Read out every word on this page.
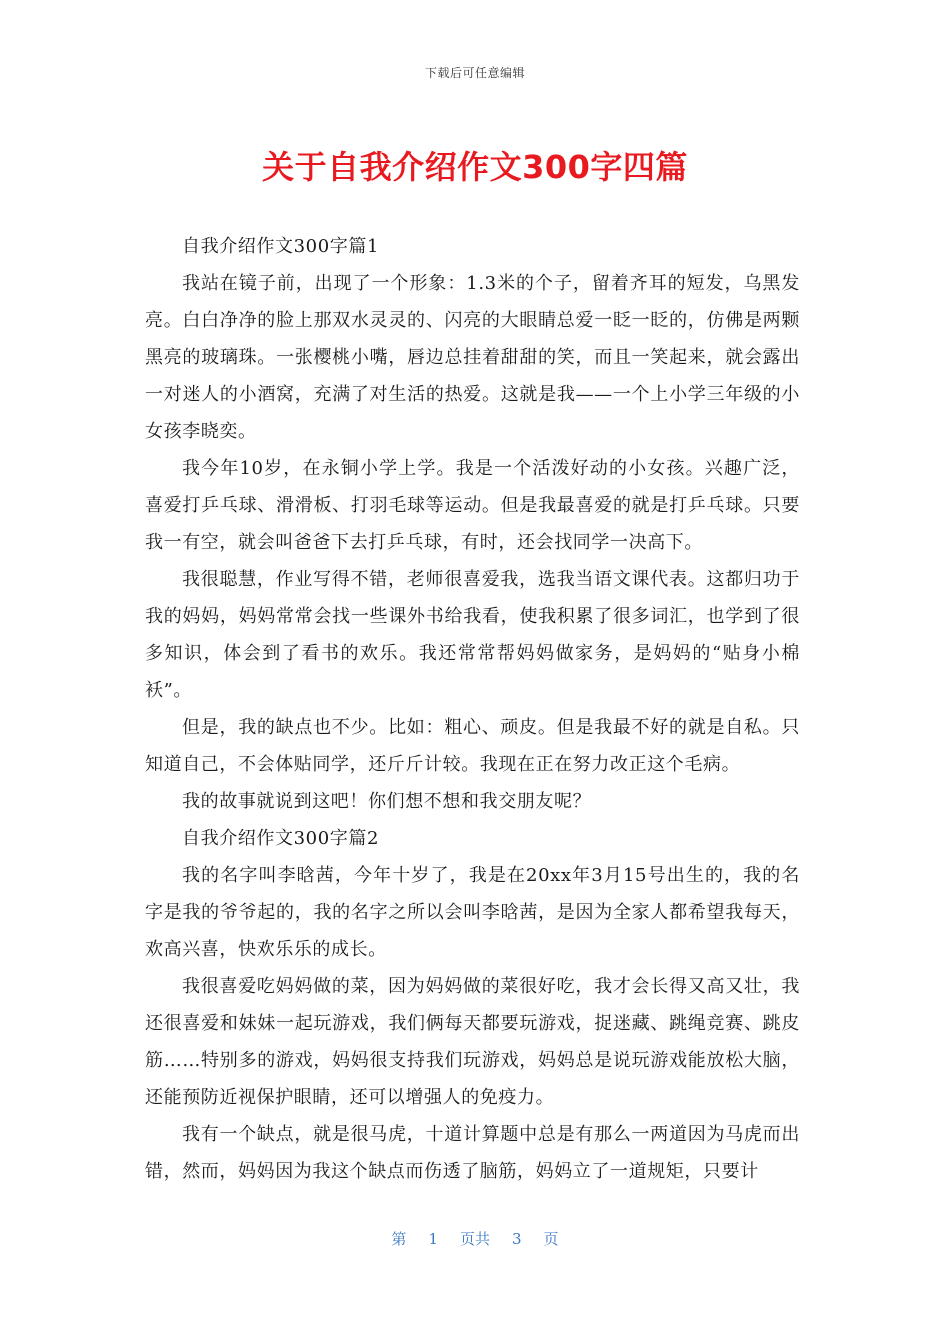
下载后可任意编辑
关于自我介绍作文300字四篇

自我介绍作文300字篇1

我站在镜子前，出现了一个形象：1.3米的个子，留着齐耳的短发，乌黑发亮。白白净净的脸上那双水灵灵的、闪亮的大眼睛总爱一眨一眨的，仿佛是两颗黑亮的玻璃珠。一张樱桃小嘴，唇边总挂着甜甜的笑，而且一笑起来，就会露出一对迷人的小酒窝，充满了对生活的热爱。这就是我——一个上小学三年级的小女孩李晓奕。

我今年10岁，在永铜小学上学。我是一个活泼好动的小女孩。兴趣广泛，喜爱打乒乓球、滑滑板、打羽毛球等运动。但是我最喜爱的就是打乒乓球。只要我一有空，就会叫爸爸下去打乒乓球，有时，还会找同学一决高下。

我很聪慧，作业写得不错，老师很喜爱我，选我当语文课代表。这都归功于我的妈妈，妈妈常常会找一些课外书给我看，使我积累了很多词汇，也学到了很多知识，体会到了看书的欢乐。我还常常帮妈妈做家务，是妈妈的“贴身小棉袄”。

但是，我的缺点也不少。比如：粗心、顽皮。但是我最不好的就是自私。只知道自己，不会体贴同学，还斤斤计较。我现在正在努力改正这个毛病。

我的故事就说到这吧！你们想不想和我交朋友呢？

自我介绍作文300字篇2

我的名字叫李晗茜，今年十岁了，我是在20xx年3月15号出生的，我的名字是我的爷爷起的，我的名字之所以会叫李晗茜，是因为全家人都希望我每天，欢高兴喜，快欢乐乐的成长。

我很喜爱吃妈妈做的菜，因为妈妈做的菜很好吃，我才会长得又高又壮，我还很喜爱和妹妹一起玩游戏，我们俩每天都要玩游戏，捉迷藏、跳绳竞赛、跳皮筋……特别多的游戏，妈妈很支持我们玩游戏，妈妈总是说玩游戏能放松大脑，还能预防近视保护眼睛，还可以增强人的免疫力。

我有一个缺点，就是很马虎，十道计算题中总是有那么一两道因为马虎而出错，然而，妈妈因为我这个缺点而伤透了脑筋，妈妈立了一道规矩，只要计

第 1 页共 3 页
